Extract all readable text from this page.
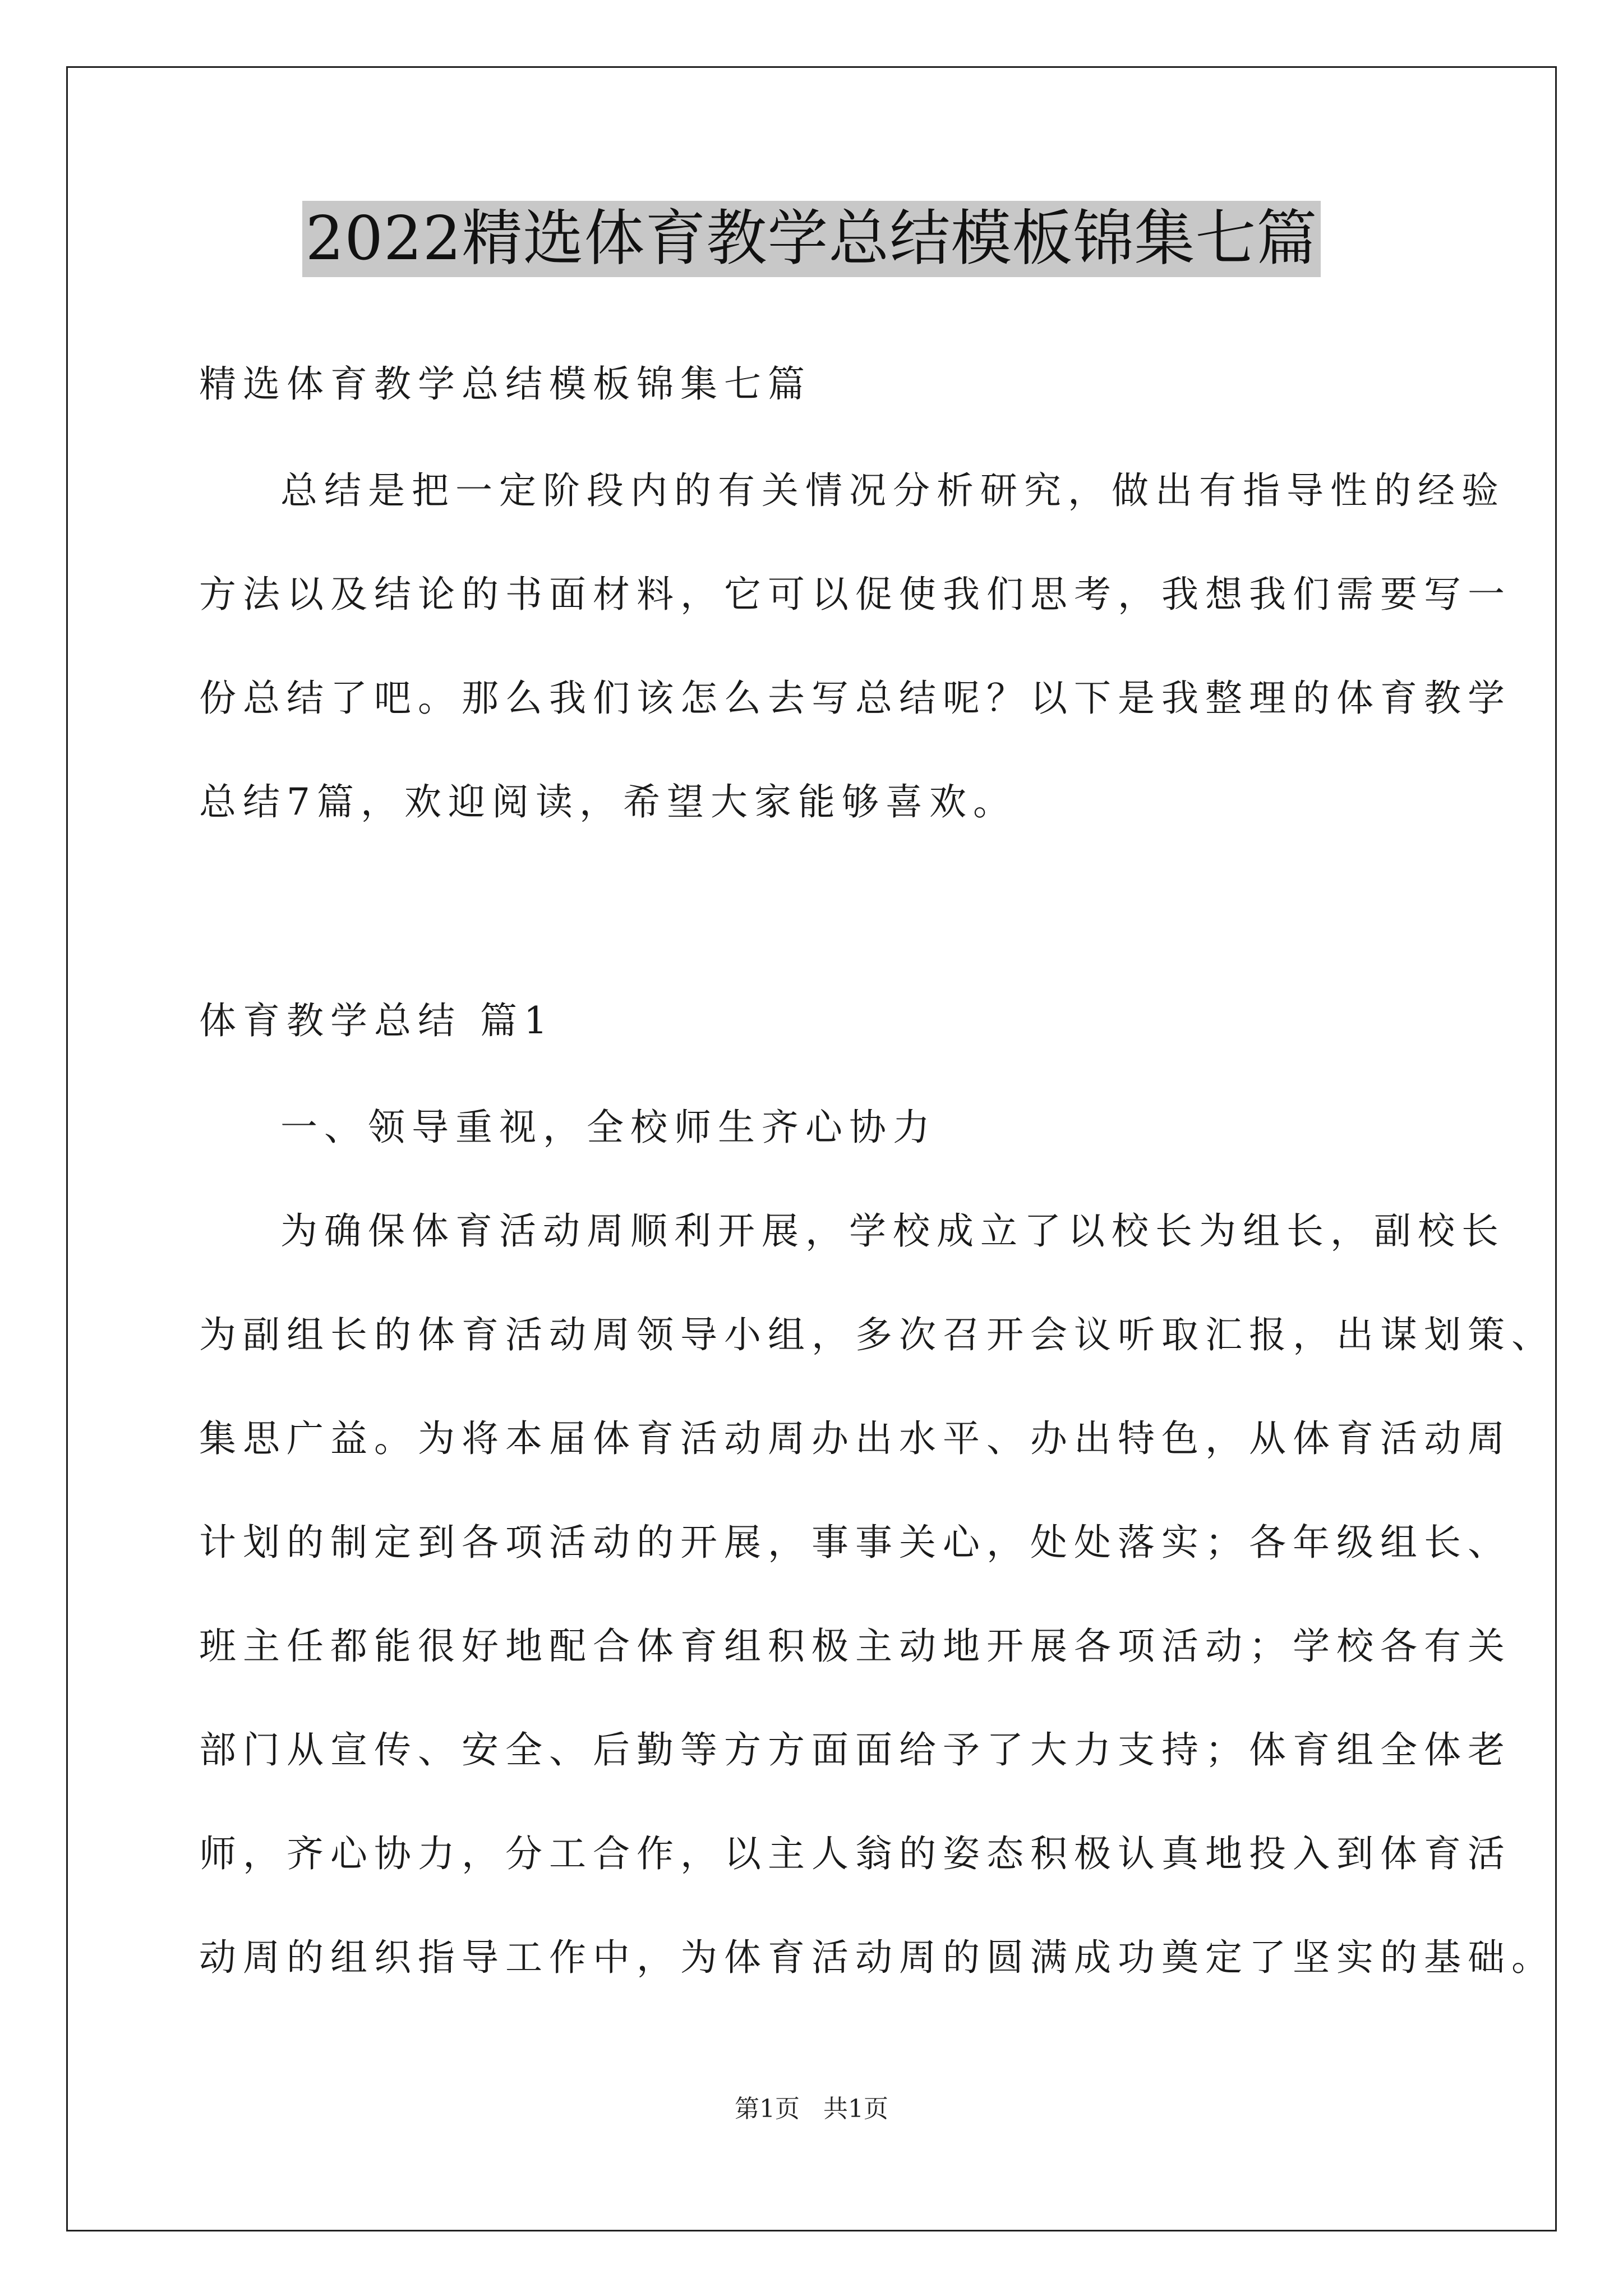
2022精选体育教学总结模板锦集七篇
精选体育教学总结模板锦集七篇
总结是把一定阶段内的有关情况分析研究，做出有指导性的经验
方法以及结论的书面材料，它可以促使我们思考，我想我们需要写一
份总结了吧。那么我们该怎么去写总结呢？以下是我整理的体育教学
总结7篇，欢迎阅读，希望大家能够喜欢。
体育教学总结 篇1
一、领导重视，全校师生齐心协力
为确保体育活动周顺利开展，学校成立了以校长为组长，副校长
为副组长的体育活动周领导小组，多次召开会议听取汇报，出谋划策、
集思广益。为将本届体育活动周办出水平、办出特色，从体育活动周
计划的制定到各项活动的开展，事事关心，处处落实；各年级组长、
班主任都能很好地配合体育组积极主动地开展各项活动；学校各有关
部门从宣传、安全、后勤等方方面面给予了大力支持；体育组全体老
师，齐心协力，分工合作，以主人翁的姿态积极认真地投入到体育活
动周的组织指导工作中，为体育活动周的圆满成功奠定了坚实的基础。
第1页 共1页
